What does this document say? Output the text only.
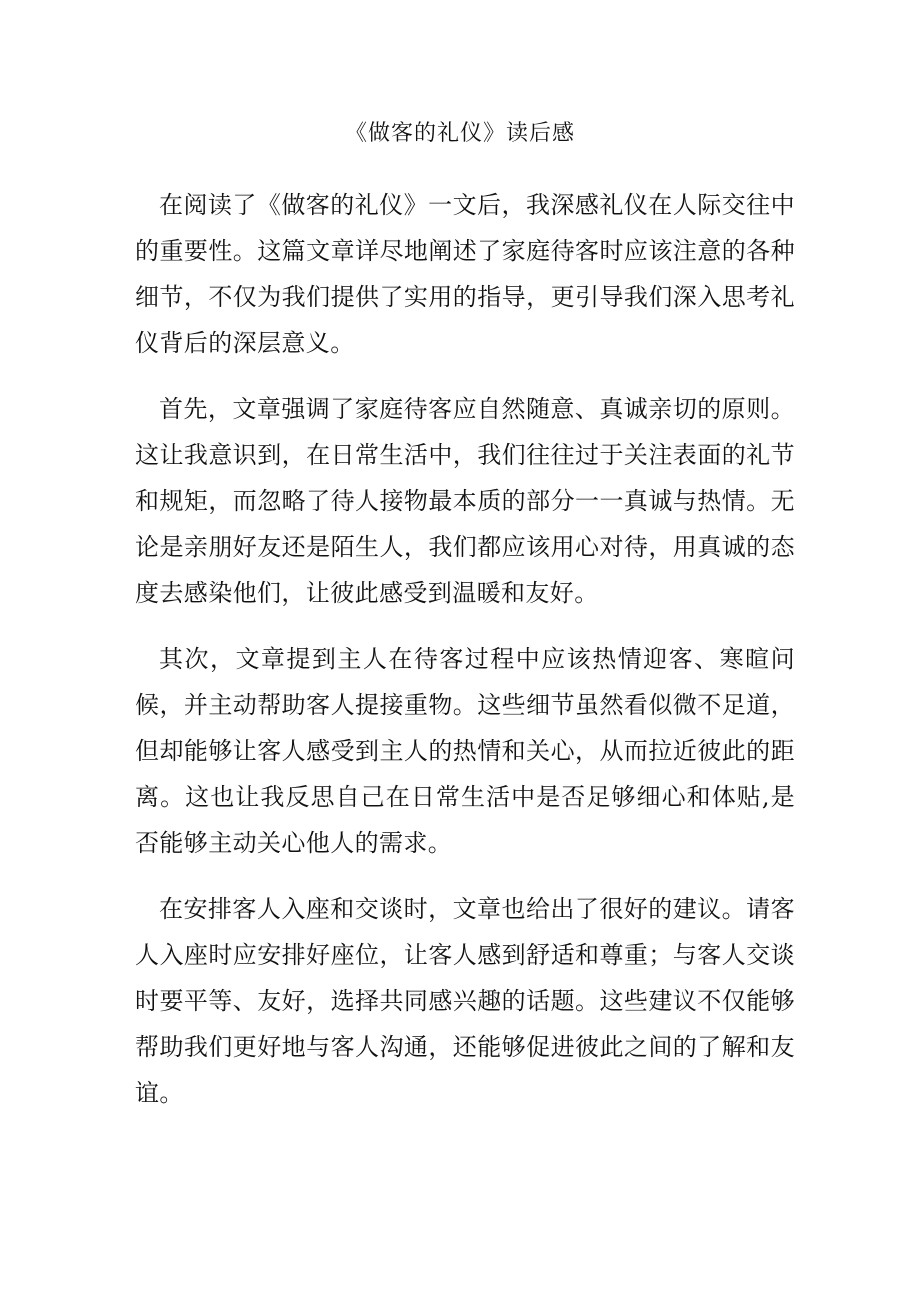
《做客的礼仪》读后感

在阅读了《做客的礼仪》一文后，我深感礼仪在人际交往中的重要性。这篇文章详尽地阐述了家庭待客时应该注意的各种细节，不仅为我们提供了实用的指导，更引导我们深入思考礼仪背后的深层意义。

首先，文章强调了家庭待客应自然随意、真诚亲切的原则。这让我意识到，在日常生活中，我们往往过于关注表面的礼节和规矩，而忽略了待人接物最本质的部分一一真诚与热情。无论是亲朋好友还是陌生人，我们都应该用心对待，用真诚的态度去感染他们，让彼此感受到温暖和友好。

其次，文章提到主人在待客过程中应该热情迎客、寒暄问候，并主动帮助客人提接重物。这些细节虽然看似微不足道，但却能够让客人感受到主人的热情和关心，从而拉近彼此的距离。这也让我反思自己在日常生活中是否足够细心和体贴,是否能够主动关心他人的需求。

在安排客人入座和交谈时，文章也给出了很好的建议。请客人入座时应安排好座位，让客人感到舒适和尊重；与客人交谈时要平等、友好，选择共同感兴趣的话题。这些建议不仅能够帮助我们更好地与客人沟通，还能够促进彼此之间的了解和友谊。
